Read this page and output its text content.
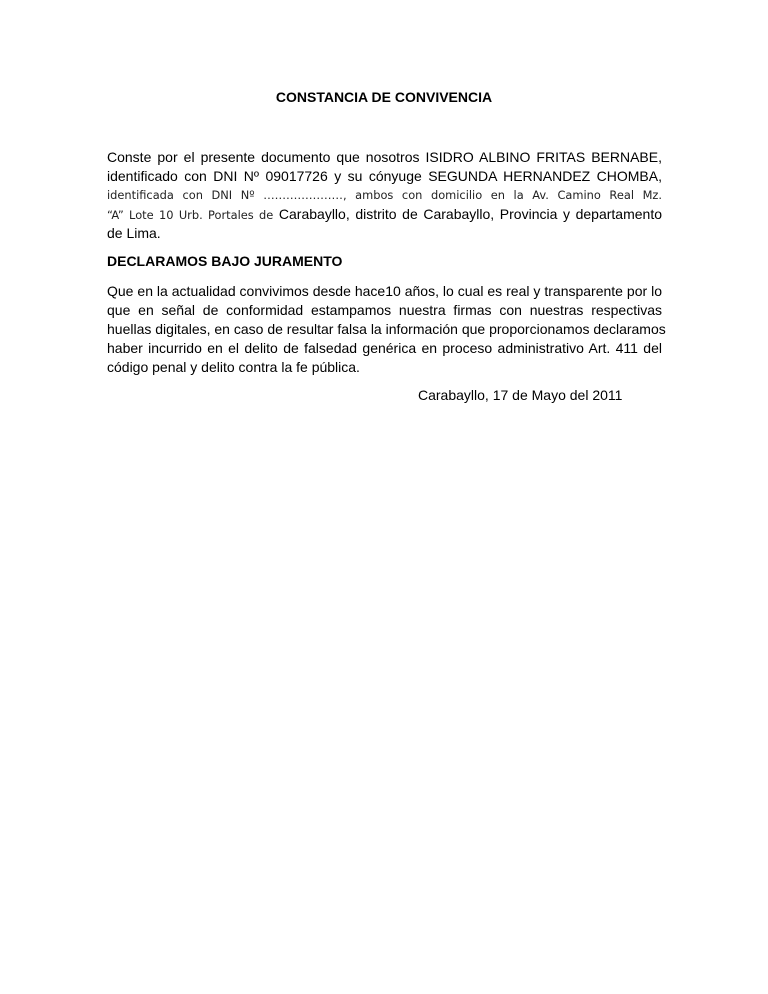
CONSTANCIA DE CONVIVENCIA
Conste por el presente documento que nosotros ISIDRO ALBINO FRITAS BERNABE,
identificado con DNI Nº 09017726 y su cónyuge SEGUNDA HERNANDEZ CHOMBA,
identificada con DNI Nº …………………, ambos con domicilio en la Av. Camino Real Mz.
“A” Lote 10 Urb. Portales de Carabayllo, distrito de Carabayllo, Provincia y departamento
de Lima.
DECLARAMOS BAJO JURAMENTO
Que en la actualidad convivimos desde hace10 años, lo cual es real y transparente por lo
que en señal de conformidad estampamos nuestra firmas con nuestras respectivas
huellas digitales, en caso de resultar falsa la información que proporcionamos declaramos
haber incurrido en el delito de falsedad genérica en proceso administrativo Art. 411 del
código penal y delito contra la fe pública.
Carabayllo, 17 de Mayo del 2011
